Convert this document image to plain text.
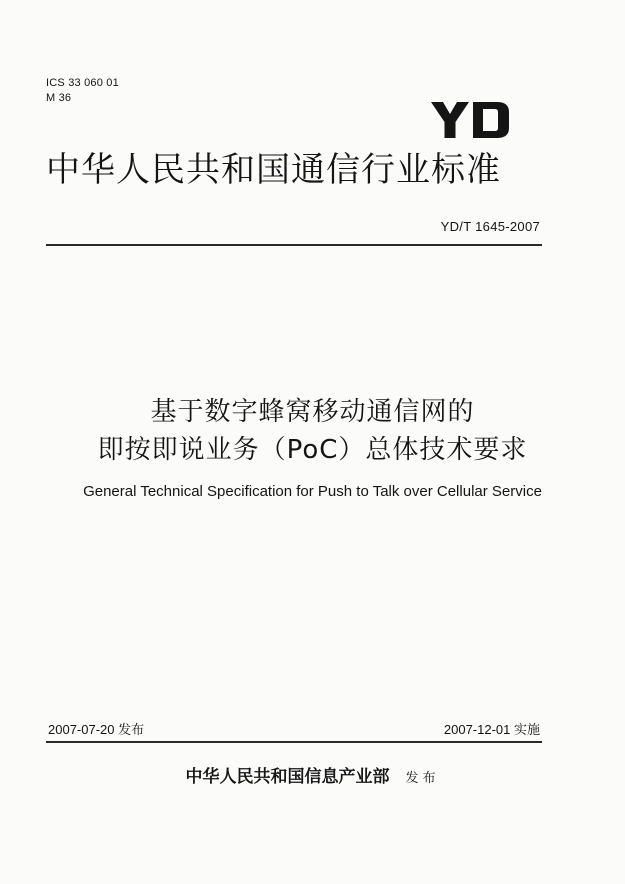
ICS 33 060 01
M 36
中华人民共和国通信行业标准
YD/T 1645-2007
基于数字蜂窝移动通信网的
即按即说业务（PoC）总体技术要求
General Technical Specification for Push to Talk over Cellular Service
2007-07-20 发布	2007-12-01 实施
中华人民共和国信息产业部 发布
